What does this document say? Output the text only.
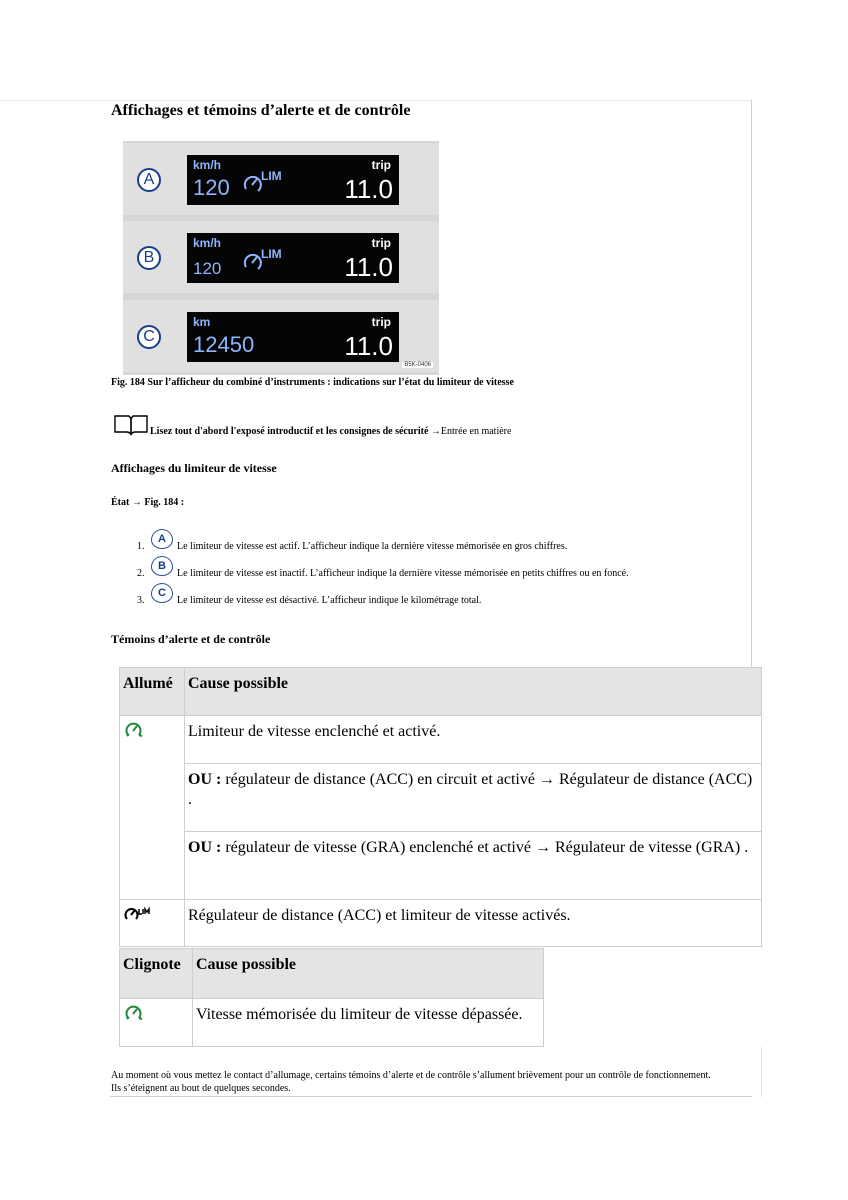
Affichages et témoins d’alerte et de contrôle
A
km/h
120	LIM
trip
11.0
B
km/h
120
LIM
trip
11.0
C
km
12450
trip
11.0
B5K-0406
Fig. 184 Sur l’afficheur du combiné d’instruments : indications sur l’état du limiteur de vitesse
Lisez tout d'abord l'exposé introductif et les consignes de sécurité →Entrée en matière
Affichages du limiteur de vitesse
État → Fig. 184 :
1.
A
Le limiteur de vitesse est actif. L’afficheur indique la dernière vitesse mémorisée en gros chiffres.
2.
B
Le limiteur de vitesse est inactif. L’afficheur indique la dernière vitesse mémorisée en petits chiffres ou en foncé.
3.
C
Le limiteur de vitesse est désactivé. L’afficheur indique le kilométrage total.
Témoins d’alerte et de contrôle
Allumé	Cause possible
	Limiteur de vitesse enclenché et activé.
	OU : régulateur de distance (ACC) en circuit et activé → Régulateur de distance (ACC) .
	OU : régulateur de vitesse (GRA) enclenché et activé → Régulateur de vitesse (GRA) .
	Régulateur de distance (ACC) et limiteur de vitesse activés.
Clignote	Cause possible
	Vitesse mémorisée du limiteur de vitesse dépassée.
Au moment où vous mettez le contact d’allumage, certains témoins d’alerte et de contrôle s’allument brièvement pour un contrôle de fonctionnement. Ils s’éteignent au bout de quelques secondes.
